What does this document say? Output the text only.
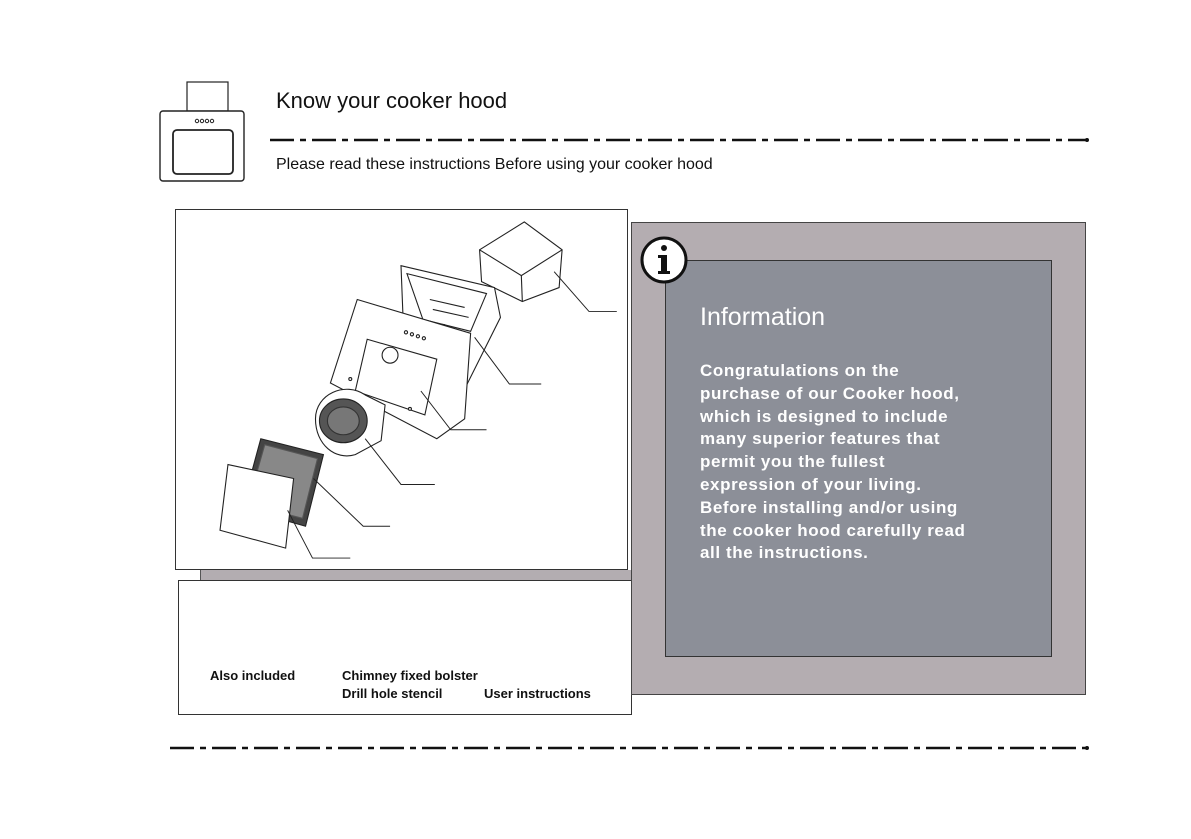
Know your cooker hood
Please read these instructions Before using your cooker hood
Also included	Chimney fixed bolster
Drill hole stencil	User instructions
Information
Congratulations on the
purchase of our Cooker hood,
which is designed to include
many superior features that
permit you the fullest
expression of your living.
Before installing and/or using
the cooker hood carefully read
all the instructions.
